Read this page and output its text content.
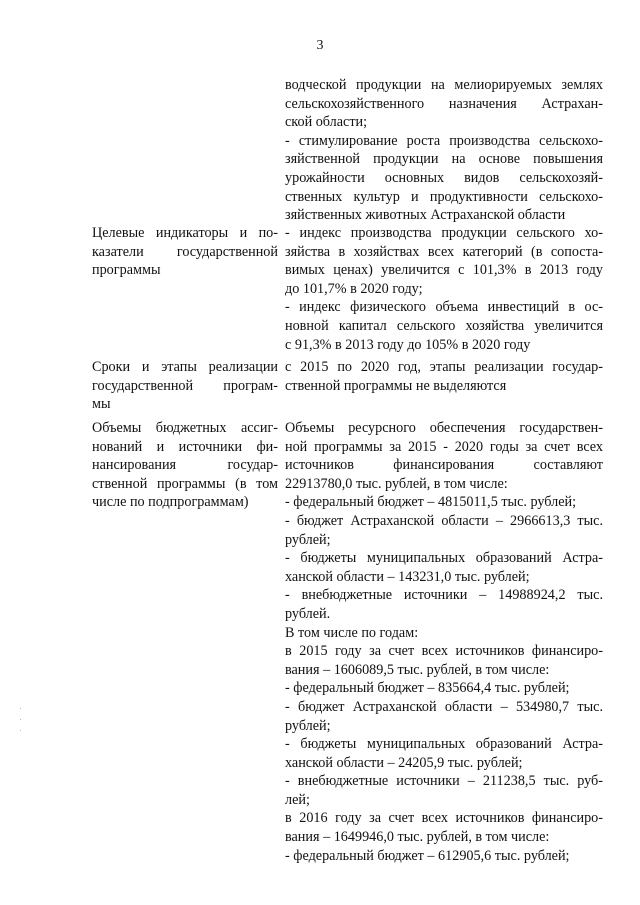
3
водческой продукции на мелиорируемых землях
сельскохозяйственного назначения Астрахан-
ской области;
- стимулирование роста производства сельскохо-
зяйственной продукции на основе повышения
урожайности основных видов сельскохозяй-
ственных культур и продуктивности сельскохо-
зяйственных животных Астраханской области
Целевые индикаторы и по-
казатели государственной
программы
- индекс производства продукции сельского хо-
зяйства в хозяйствах всех категорий (в сопоста-
вимых ценах) увеличится с 101,3% в 2013 году
до 101,7% в 2020 году;
- индекс физического объема инвестиций в ос-
новной капитал сельского хозяйства увеличится
с 91,3% в 2013 году до 105% в 2020 году
Сроки и этапы реализации
государственной програм-
мы
с 2015 по 2020 год, этапы реализации государ-
ственной программы не выделяются
Объемы бюджетных ассиг-
нований и источники фи-
нансирования государ-
ственной программы (в том
числе по подпрограммам)
Объемы ресурсного обеспечения государствен-
ной программы за 2015 - 2020 годы за счет всех
источников финансирования составляют
22913780,0 тыс. рублей, в том числе:
- федеральный бюджет – 4815011,5 тыс. рублей;
- бюджет Астраханской области – 2966613,3 тыс.
рублей;
- бюджеты муниципальных образований Астра-
ханской области – 143231,0 тыс. рублей;
- внебюджетные источники – 14988924,2 тыс.
рублей.
В том числе по годам:
в 2015 году за счет всех источников финансиро-
вания – 1606089,5 тыс. рублей, в том числе:
- федеральный бюджет – 835664,4 тыс. рублей;
- бюджет Астраханской области – 534980,7 тыс.
рублей;
- бюджеты муниципальных образований Астра-
ханской области – 24205,9 тыс. рублей;
- внебюджетные источники – 211238,5 тыс. руб-
лей;
в 2016 году за счет всех источников финансиро-
вания – 1649946,0 тыс. рублей, в том числе:
- федеральный бюджет – 612905,6 тыс. рублей;
